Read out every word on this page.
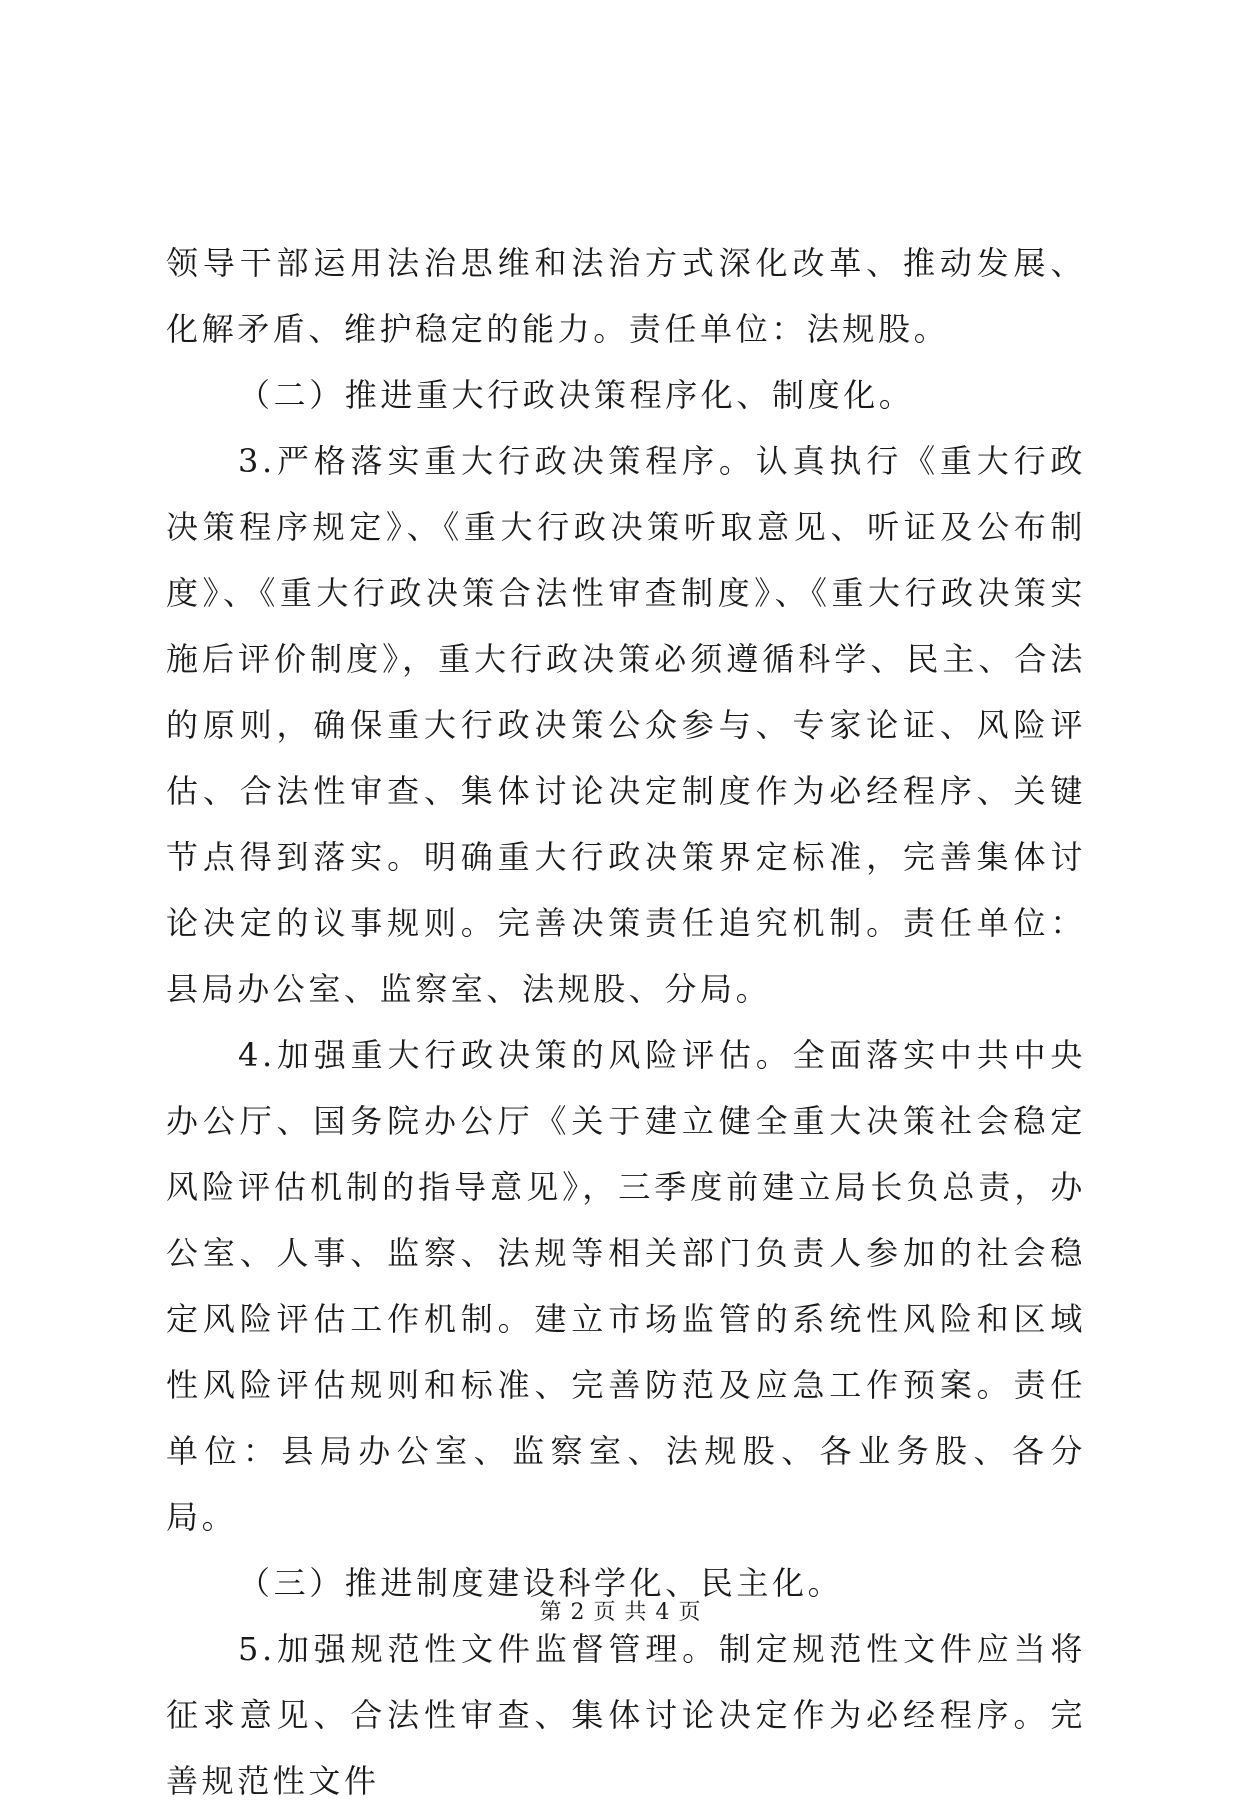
领导干部运用法治思维和法治方式深化改革、推动发展、化解矛盾、维护稳定的能力。责任单位：法规股。

（二）推进重大行政决策程序化、制度化。

3.严格落实重大行政决策程序。认真执行《重大行政决策程序规定》、《重大行政决策听取意见、听证及公布制度》、《重大行政决策合法性审查制度》、《重大行政决策实施后评价制度》，重大行政决策必须遵循科学、民主、合法的原则，确保重大行政决策公众参与、专家论证、风险评估、合法性审查、集体讨论决定制度作为必经程序、关键节点得到落实。明确重大行政决策界定标准，完善集体讨论决定的议事规则。完善决策责任追究机制。责任单位：县局办公室、监察室、法规股、分局。

4.加强重大行政决策的风险评估。全面落实中共中央办公厅、国务院办公厅《关于建立健全重大决策社会稳定风险评估机制的指导意见》，三季度前建立局长负总责，办公室、人事、监察、法规等相关部门负责人参加的社会稳定风险评估工作机制。建立市场监管的系统性风险和区域性风险评估规则和标准、完善防范及应急工作预案。责任单位：县局办公室、监察室、法规股、各业务股、各分局。

（三）推进制度建设科学化、民主化。

5.加强规范性文件监督管理。制定规范性文件应当将征求意见、合法性审查、集体讨论决定作为必经程序。完善规范性文件

第 2 页 共 4 页
